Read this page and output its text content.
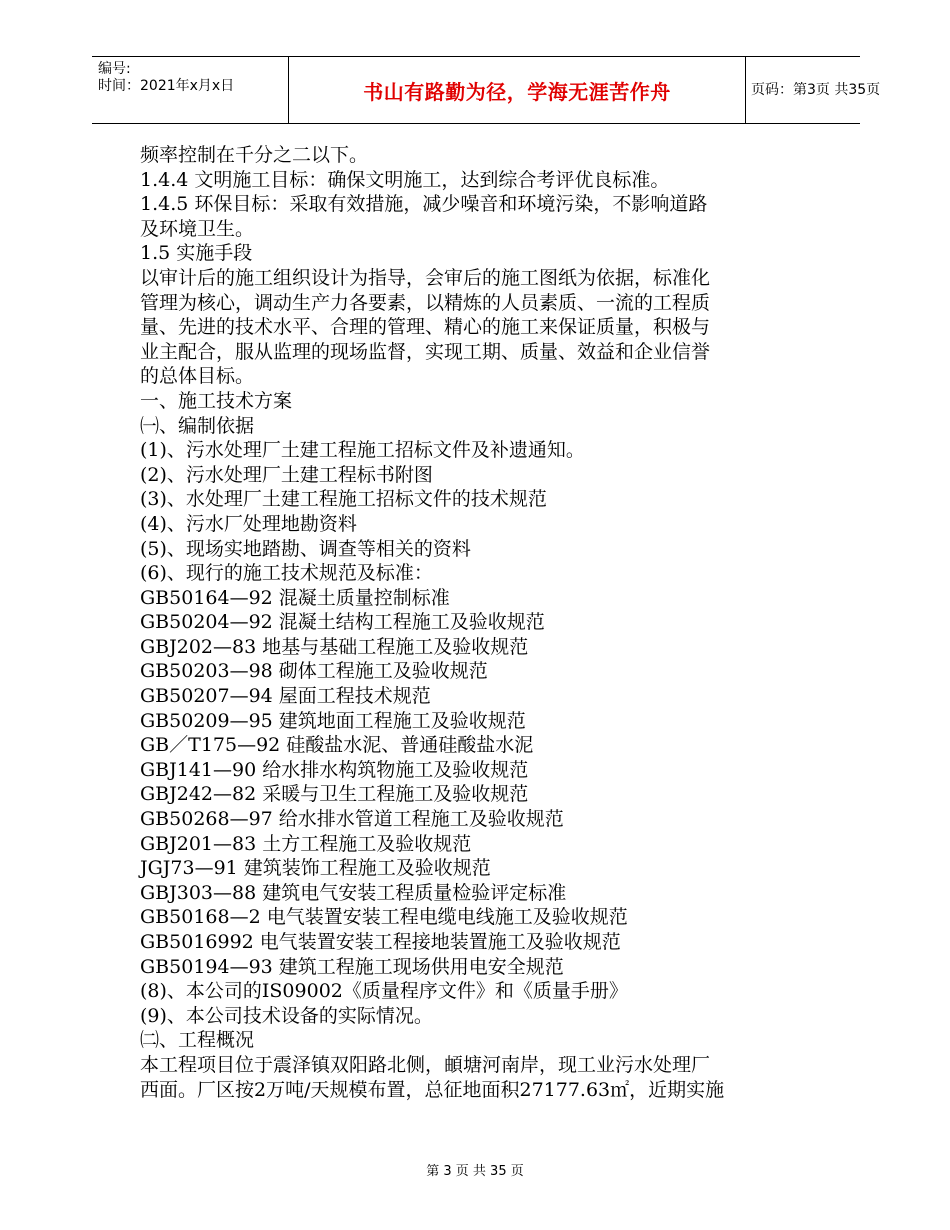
编号:
时间：2021年x月x日	书山有路勤为径，学海无涯苦作舟	页码：第3页 共35页
频率控制在千分之二以下。
1.4.4 文明施工目标：确保文明施工，达到综合考评优良标准。
1.4.5 环保目标：采取有效措施，减少噪音和环境污染，不影响道路
及环境卫生。
1.5 实施手段
以审计后的施工组织设计为指导，会审后的施工图纸为依据，标准化
管理为核心，调动生产力各要素，以精炼的人员素质、一流的工程质
量、先进的技术水平、合理的管理、精心的施工来保证质量，积极与
业主配合，服从监理的现场监督，实现工期、质量、效益和企业信誉
的总体目标。
一、施工技术方案
㈠、编制依据
(1)、污水处理厂土建工程施工招标文件及补遗通知。
(2)、污水处理厂土建工程标书附图
(3)、水处理厂土建工程施工招标文件的技术规范
(4)、污水厂处理地勘资料
(5)、现场实地踏勘、调查等相关的资料
(6)、现行的施工技术规范及标准：
GB50164—92 混凝土质量控制标准
GB50204—92 混凝土结构工程施工及验收规范
GBJ202—83 地基与基础工程施工及验收规范
GB50203—98 砌体工程施工及验收规范
GB50207—94 屋面工程技术规范
GB50209—95 建筑地面工程施工及验收规范
GB／T175—92 硅酸盐水泥、普通硅酸盐水泥
GBJ141—90 给水排水构筑物施工及验收规范
GBJ242—82 采暖与卫生工程施工及验收规范
GB50268—97 给水排水管道工程施工及验收规范
GBJ201—83 土方工程施工及验收规范
JGJ73—91 建筑装饰工程施工及验收规范
GBJ303—88 建筑电气安装工程质量检验评定标准
GB50168—2 电气装置安装工程电缆电线施工及验收规范
GB5016992 电气装置安装工程接地装置施工及验收规范
GB50194—93 建筑工程施工现场供用电安全规范
(8)、本公司的IS09002《质量程序文件》和《质量手册》
(9)、本公司技术设备的实际情况。
㈡、工程概况
本工程项目位于震泽镇双阳路北侧，頔塘河南岸，现工业污水处理厂
西面。厂区按2万吨/天规模布置，总征地面积27177.63㎡，近期实施
第 3 页 共 35 页
